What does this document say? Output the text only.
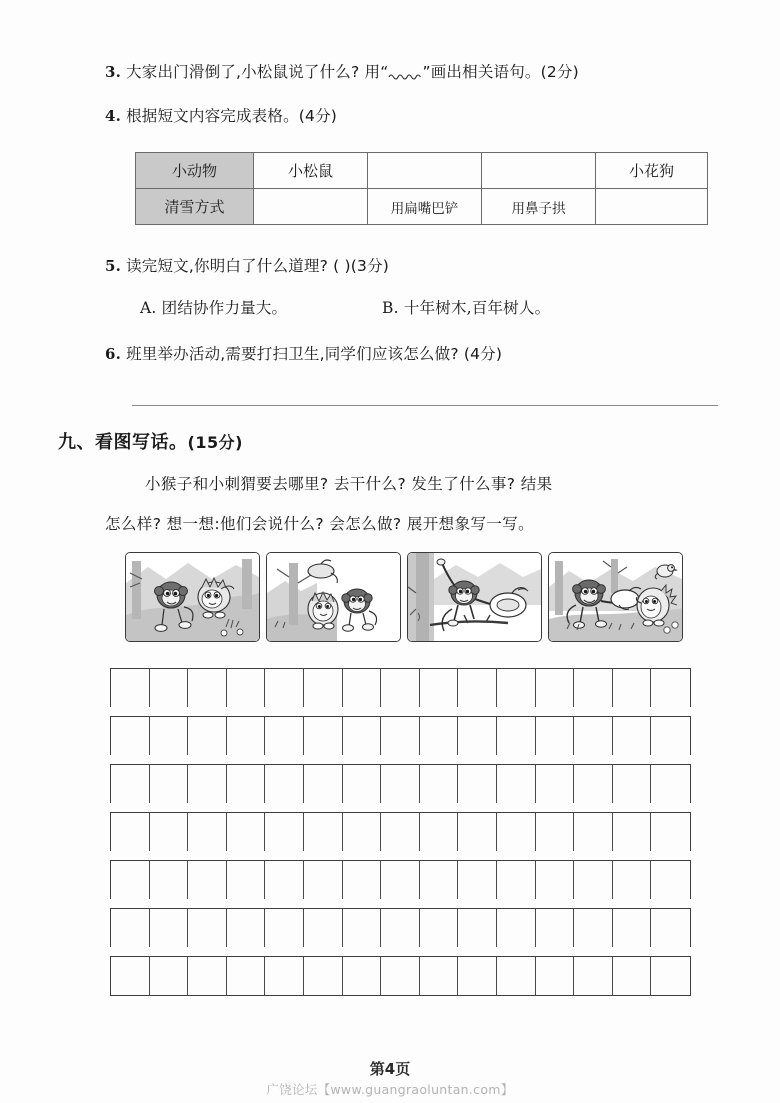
3. 大家出门滑倒了,小松鼠说了什么? 用“ ”画出相关语句。(2分)
4. 根据短文内容完成表格。(4分)
小动物	小松鼠			小花狗
清雪方式		用扁嘴巴铲	用鼻子拱	
5. 读完短文,你明白了什么道理? ( )(3分)
A. 团结协作力量大。	B. 十年树木,百年树人。
6. 班里举办活动,需要打扫卫生,同学们应该怎么做? (4分)
九、看图写话。(15分)
小猴子和小刺猬要去哪里? 去干什么? 发生了什么事? 结果
怎么样? 想一想:他们会说什么? 会怎么做? 展开想象写一写。
第4页
广饶论坛【www.guangraoluntan.com】
